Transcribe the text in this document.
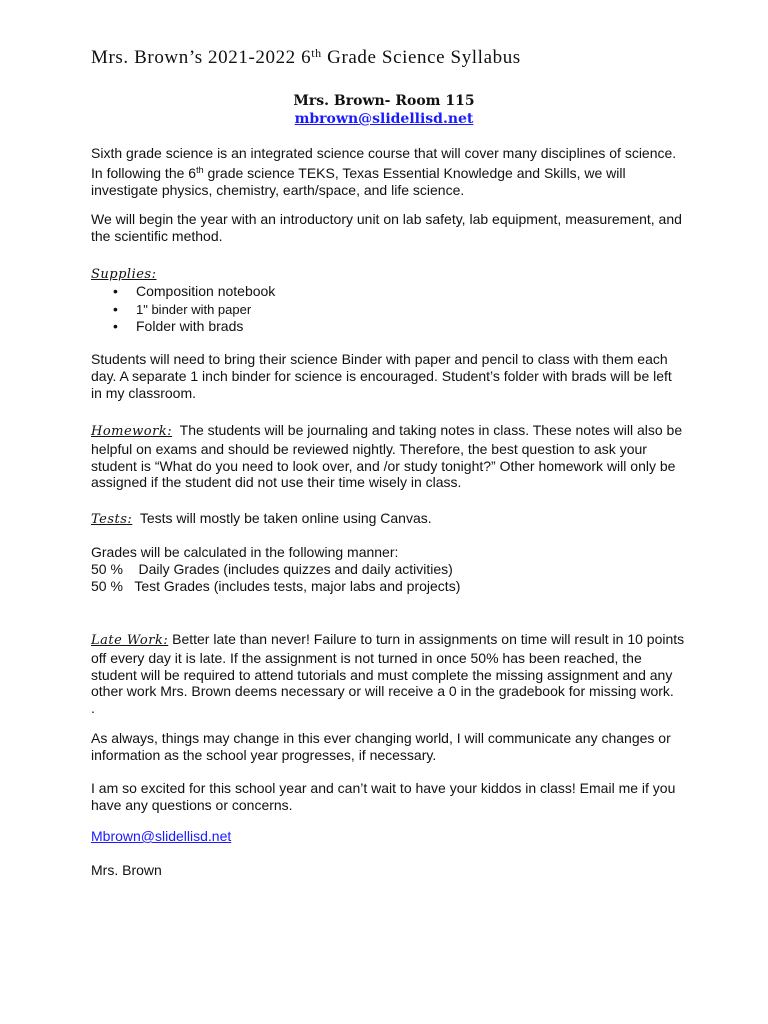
Mrs. Brown’s 2021-2022 6th Grade Science Syllabus
Mrs. Brown- Room 115
mbrown@slidellisd.net
Sixth grade science is an integrated science course that will cover many disciplines of science.
In following the 6th grade science TEKS, Texas Essential Knowledge and Skills, we will
investigate physics, chemistry, earth/space, and life science.
We will begin the year with an introductory unit on lab safety, lab equipment, measurement, and
the scientific method.
Supplies:
• Composition notebook
• 1" binder with paper
• Folder with brads
Students will need to bring their science Binder with paper and pencil to class with them each
day. A separate 1 inch binder for science is encouraged. Student’s folder with brads will be left
in my classroom.
Homework:  The students will be journaling and taking notes in class. These notes will also be
helpful on exams and should be reviewed nightly. Therefore, the best question to ask your
student is “What do you need to look over, and /or study tonight?” Other homework will only be
assigned if the student did not use their time wisely in class.
Tests:  Tests will mostly be taken online using Canvas.
Grades will be calculated in the following manner:
50 %    Daily Grades (includes quizzes and daily activities)
50 %   Test Grades (includes tests, major labs and projects)
Late Work: Better late than never! Failure to turn in assignments on time will result in 10 points
off every day it is late. If the assignment is not turned in once 50% has been reached, the
student will be required to attend tutorials and must complete the missing assignment and any
other work Mrs. Brown deems necessary or will receive a 0 in the gradebook for missing work.
.
As always, things may change in this ever changing world, I will communicate any changes or
information as the school year progresses, if necessary.
I am so excited for this school year and can’t wait to have your kiddos in class! Email me if you
have any questions or concerns.
Mbrown@slidellisd.net
Mrs. Brown
